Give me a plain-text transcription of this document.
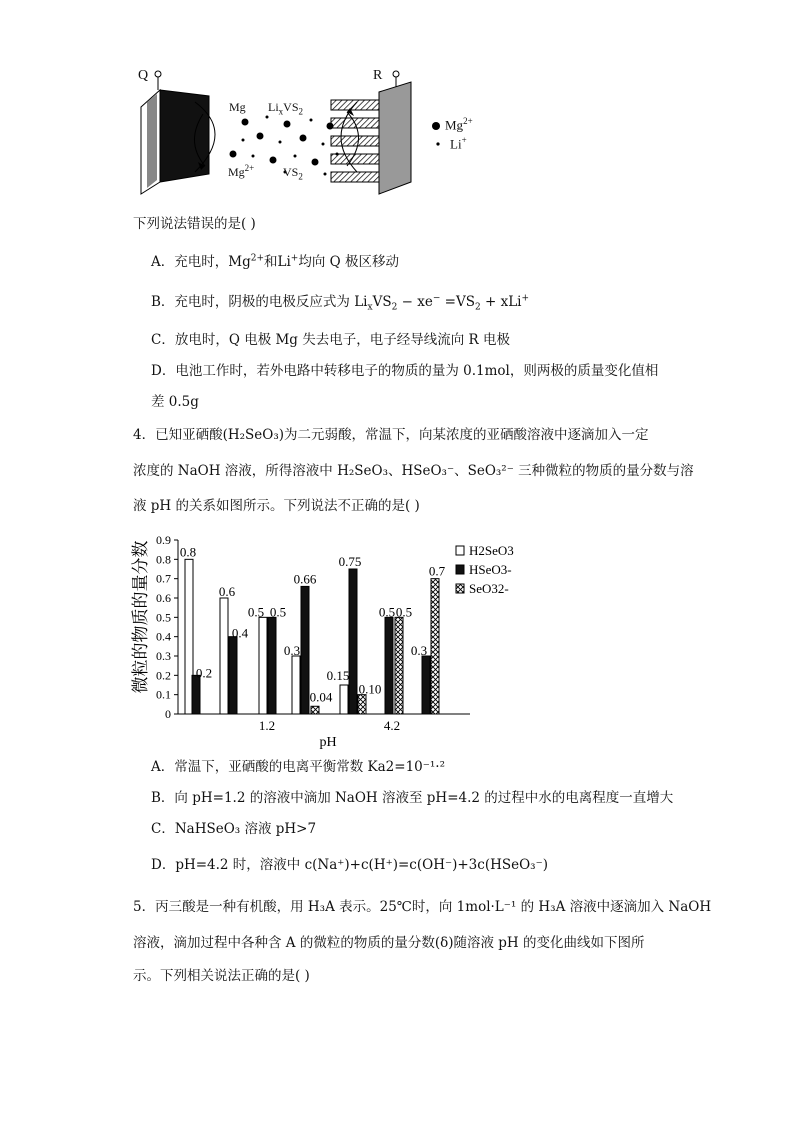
Q	R
Mg
$Mg^{2+}$
$Li_xVS_2$
$VS_2$
$Mg^{2+}$
Li+
下列说法错误的是( )
A．充电时，$Mg^{2+}$和Li+均向 Q 极区移动
B．充电时，阴极的电极反应式为 $Li_xVS_2 - xe^- =VS_2 + xLi^+$
C．放电时，Q 电极 Mg 失去电子，电子经导线流向 R 电极
D．电池工作时，若外电路中转移电子的物质的量为 0.1mol，则两极的质量变化值相
差 0.5g
4．已知亚硒酸(H₂SeO₃)为二元弱酸，常温下，向某浓度的亚硒酸溶液中逐滴加入一定
浓度的 NaOH 溶液，所得溶液中 H₂SeO₃、HSeO₃⁻、SeO₃²⁻ 三种微粒的物质的量分数与溶
液 pH 的关系如图所示。下列说法不正确的是( )
0
0.1
0.2
0.3
0.4
0.5
0.6
0.7
0.8
0.9
微粒的物质的量分数
1.2	4.2
pH
0.8
0.2
0.6
0.4
0.5 0.5
0.3
0.66
0.04
0.15
0.75
0.10
0.5 0.5
0.3
0.7
H2SeO3
HSeO3-
SeO32-
A．常温下，亚硒酸的电离平衡常数 Ka2=10⁻¹·²
B．向 pH=1.2 的溶液中滴加 NaOH 溶液至 pH=4.2 的过程中水的电离程度一直增大
C．NaHSeO₃ 溶液 pH>7
D．pH=4.2 时，溶液中 c(Na⁺)+c(H⁺)=c(OH⁻)+3c(HSeO₃⁻)
5．丙三酸是一种有机酸，用 H₃A 表示。25℃时，向 1mol·L⁻¹ 的 H₃A 溶液中逐滴加入 NaOH
溶液，滴加过程中各种含 A 的微粒的物质的量分数(δ)随溶液 pH 的变化曲线如下图所
示。下列相关说法正确的是( )
